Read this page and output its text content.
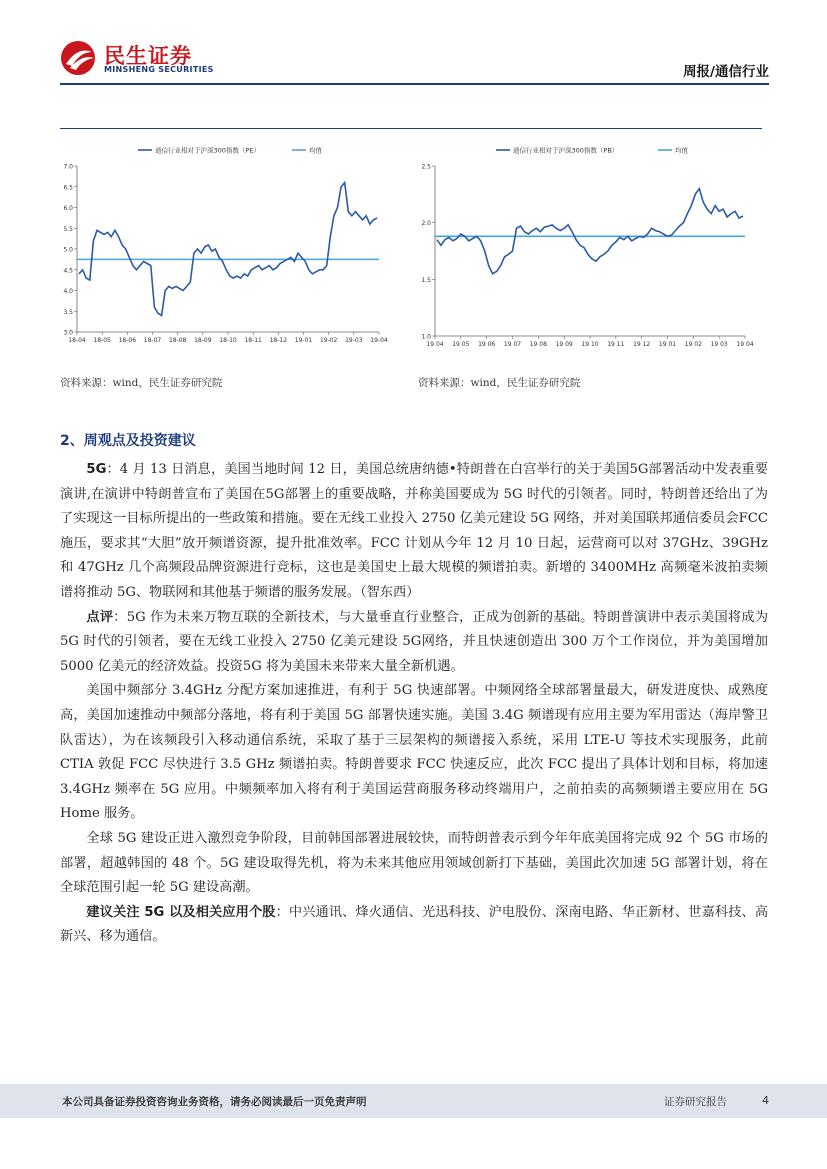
民生证券
MINSHENG SECURITIES	周报/通信行业
3.0
3.5
4.0
4.5
5.0
5.5
6.0
6.5
7.0
18-04 18-05 18-06 18-07 18-08 18-09 18-10 18-11 18-12 19-01 19-02 19-03 19-04
通信行业相对于沪深300指数（PE）	均值
1.0
1.5
2.0
2.5
19 04 19 05 19 06 19 07 19 08 19 09 19 10 19 11 19 12 19 01 19 02 19 03 19 04
通信行业相对于沪深300指数（PB）	均值
资料来源：wind，民生证券研究院	资料来源：wind，民生证券研究院
2、周观点及投资建议

5G：4 月 13 日消息，美国当地时间 12 日，美国总统唐纳德•特朗普在白宫举行的关于美国5G部署活动中发表重要演讲,在演讲中特朗普宣布了美国在5G部署上的重要战略，并称美国要成为 5G 时代的引领者。同时，特朗普还给出了为了实现这一目标所提出的一些政策和措施。要在无线工业投入 2750 亿美元建设 5G 网络，并对美国联邦通信委员会FCC 施压，要求其“大胆”放开频谱资源，提升批准效率。FCC 计划从今年 12 月 10 日起，运营商可以对 37GHz、39GHz 和 47GHz 几个高频段品牌资源进行竞标，这也是美国史上最大规模的频谱拍卖。新增的 3400MHz 高频毫米波拍卖频谱将推动 5G、物联网和其他基于频谱的服务发展。（智东西）

点评：5G 作为未来万物互联的全新技术，与大量垂直行业整合，正成为创新的基础。特朗普演讲中表示美国将成为 5G 时代的引领者，要在无线工业投入 2750 亿美元建设 5G网络，并且快速创造出 300 万个工作岗位，并为美国增加 5000 亿美元的经济效益。投资5G 将为美国未来带来大量全新机遇。

美国中频部分 3.4GHz 分配方案加速推进，有利于 5G 快速部署。中频网络全球部署量最大，研发进度快、成熟度高，美国加速推动中频部分落地，将有利于美国 5G 部署快速实施。美国 3.4G 频谱现有应用主要为军用雷达（海岸警卫队雷达），为在该频段引入移动通信系统，采取了基于三层架构的频谱接入系统，采用 LTE-U 等技术实现服务，此前 CTIA 敦促 FCC 尽快进行 3.5 GHz 频谱拍卖。特朗普要求 FCC 快速反应，此次 FCC 提出了具体计划和目标，将加速 3.4GHz 频率在 5G 应用。中频频率加入将有利于美国运营商服务移动终端用户，之前拍卖的高频频谱主要应用在 5G Home 服务。

全球 5G 建设正进入激烈竞争阶段，目前韩国部署进展较快，而特朗普表示到今年年底美国将完成 92 个 5G 市场的部署，超越韩国的 48 个。5G 建设取得先机，将为未来其他应用领域创新打下基础，美国此次加速 5G 部署计划，将在全球范围引起一轮 5G 建设高潮。

建议关注 5G 以及相关应用个股：中兴通讯、烽火通信、光迅科技、沪电股份、深南电路、华正新材、世嘉科技、高新兴、移为通信。

本公司具备证券投资咨询业务资格，请务必阅读最后一页免责声明	证券研究报告	4
